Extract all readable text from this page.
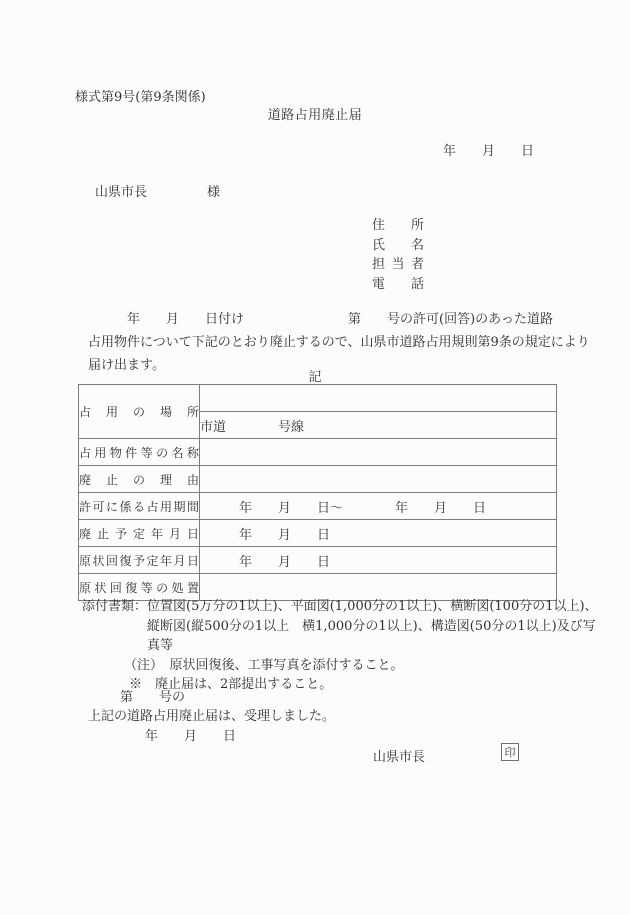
様式第9号(第9条関係)
道路占用廃止届
年　　月　　日
山県市長	様
住所
氏名
担当者
電話
　　　年　　月　　日付け　　　　　　　　第　　号の許可(回答)のあった道路
占用物件について下記のとおり廃止するので、山県市道路占用規則第9条の規定により
届け出ます。
記
占用の場所	
	市道　　　　号線
占用物件等の名称	
廃止の理由	
許可に係る占用期間	　　　年　　月　　日～　　　　年　　月　　日
廃止予定年月日	　　　年　　月　　日
原状回復予定年月日	　　　年　　月　　日
原状回復等の処置	
添付書類： 位置図(5万分の1以上)、平面図(1,000分の1以上)、横断図(100分の1以上)、
縦断図(縦500分の1以上　横1,000分の1以上)、構造図(50分の1以上)及び写
真等
（注）　原状回復後、工事写真を添付すること。
※　廃止届は、2部提出すること。
第　　号の
上記の道路占用廃止届は、受理しました。
年　　月　　日
山県市長	印
